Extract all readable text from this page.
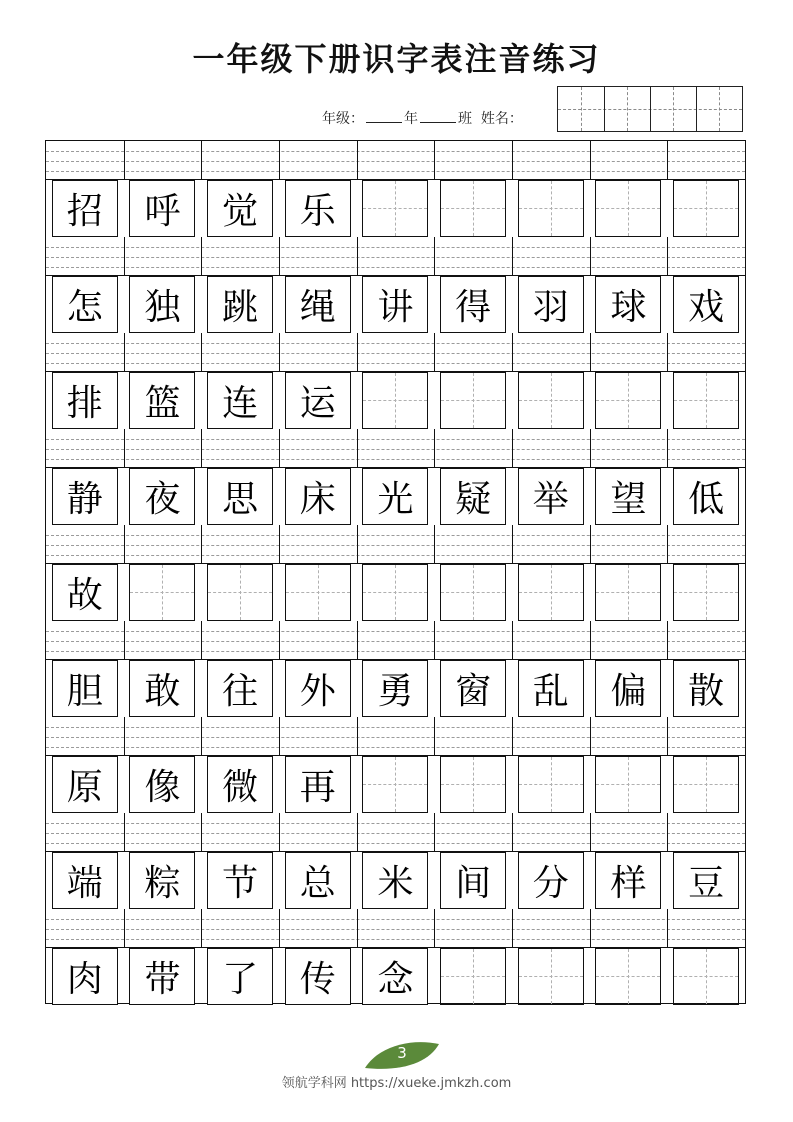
一年级下册识字表注音练习
年级：	年	班 姓名：
招	呼	觉	乐
怎	独	跳	绳	讲	得	羽	球	戏
排	篮	连	运
静	夜	思	床	光	疑	举	望	低
故
胆	敢	往	外	勇	窗	乱	偏	散
原	像	微	再
端	粽	节	总	米	间	分	样	豆
肉	带	了	传	念
3
领航学科网 https://xueke.jmkzh.com
